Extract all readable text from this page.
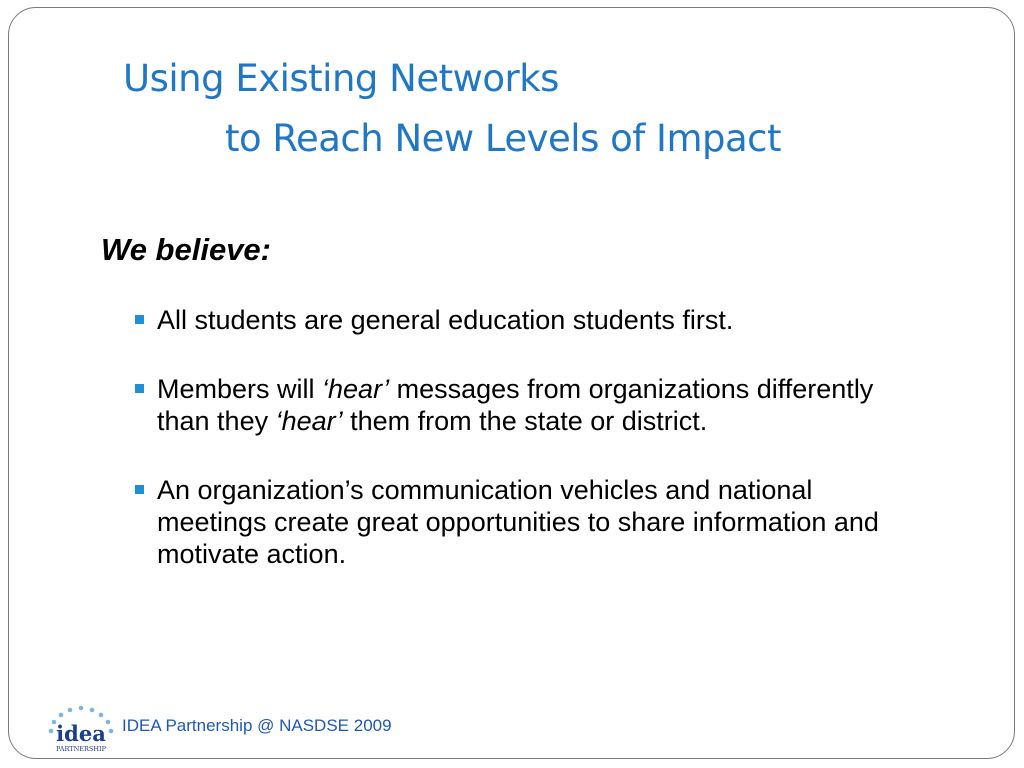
Using Existing Networks
to Reach New Levels of Impact
We believe:
All students are general education students first.
Members will ‘hear’ messages from organizations differently than they ‘hear’ them from the state or district.
An organization’s communication vehicles and national meetings create great opportunities to share information and motivate action.
idea
PARTNERSHIP
IDEA Partnership @ NASDSE 2009
